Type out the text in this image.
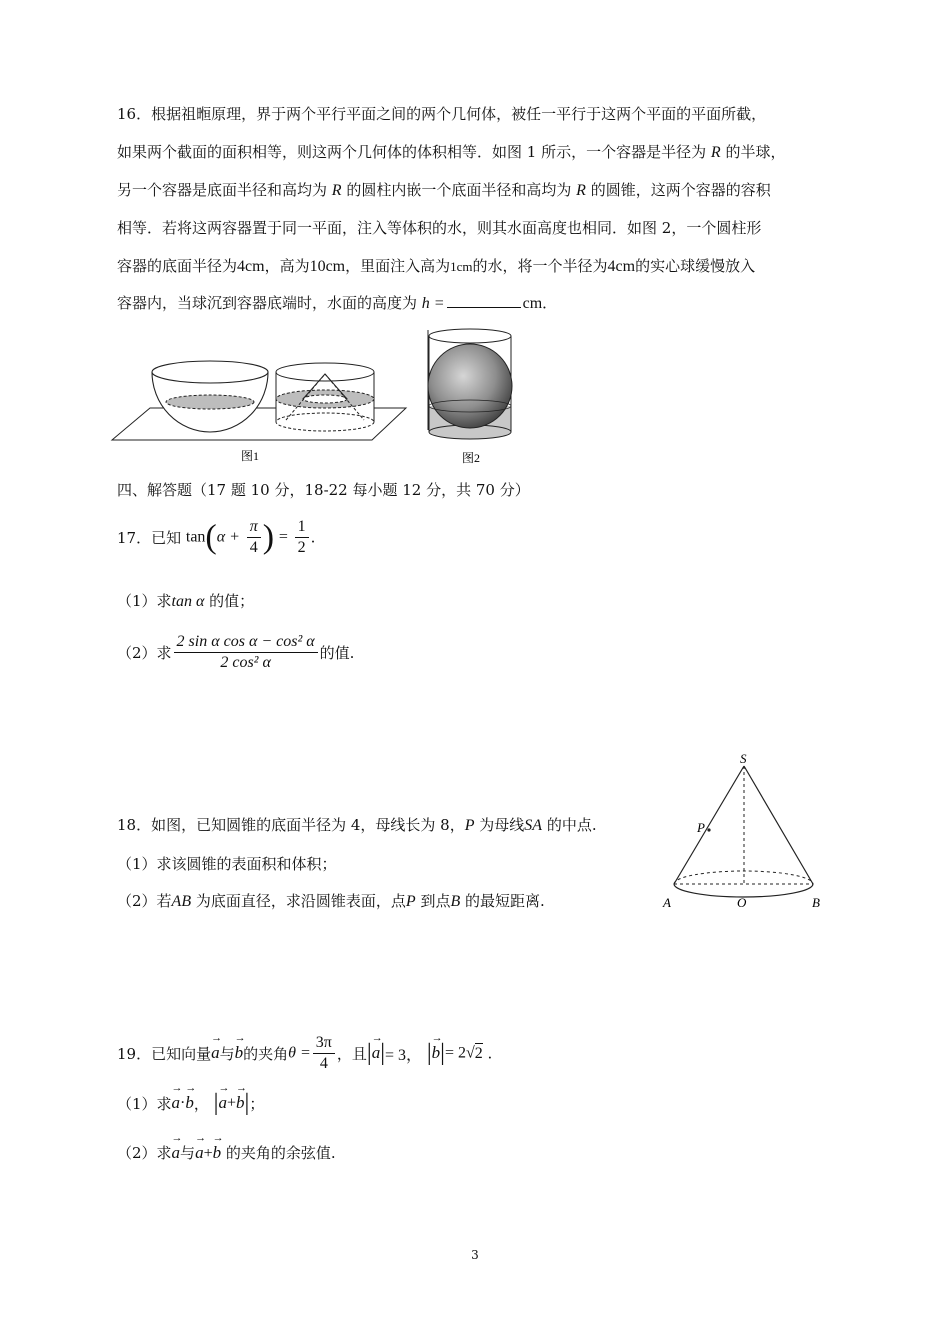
16．根据祖暅原理，界于两个平行平面之间的两个几何体，被任一平行于这两个平面的平面所截，
如果两个截面的面积相等，则这两个几何体的体积相等．如图 1 所示，一个容器是半径为 R 的半球，
另一个容器是底面半径和高均为 R 的圆柱内嵌一个底面半径和高均为 R 的圆锥，这两个容器的容积
相等．若将这两容器置于同一平面，注入等体积的水，则其水面高度也相同．如图 2，一个圆柱形
容器的底面半径为4cm，高为10cm，里面注入高为1cm的水，将一个半径为4cm的实心球缓慢放入
容器内，当球沉到容器底端时，水面的高度为 h =	cm．
图1	图2
四、解答题（17 题 10 分，18-22 每小题 12 分，共 70 分）
17．已知 $\tan(\alpha + \frac{\pi}{4}$ ) = $\frac{1}{2}$ .
（1）求tan α 的值；
（2）求 $\frac{\text{2 sin α cos α − cos² α}}{\text{2 cos² α}}$ 的值.
18．如图，已知圆锥的底面半径为 4，母线长为 8，P 为母线SA 的中点.
（1）求该圆锥的表面积和体积；
（2）若AB 为底面直径，求沿圆锥表面，点P 到点B 的最短距离.
S
P
A	O	B
19．已知向量→ a与→ b的夹角$\theta = \frac{3\pi}{4}$ ，且|→ a|= 3， |→ b|= 2√2 .
（1）求→ a·→ b， |→ a+→ b|；
（2）求→ a与→ a+→ b 的夹角的余弦值.
3
